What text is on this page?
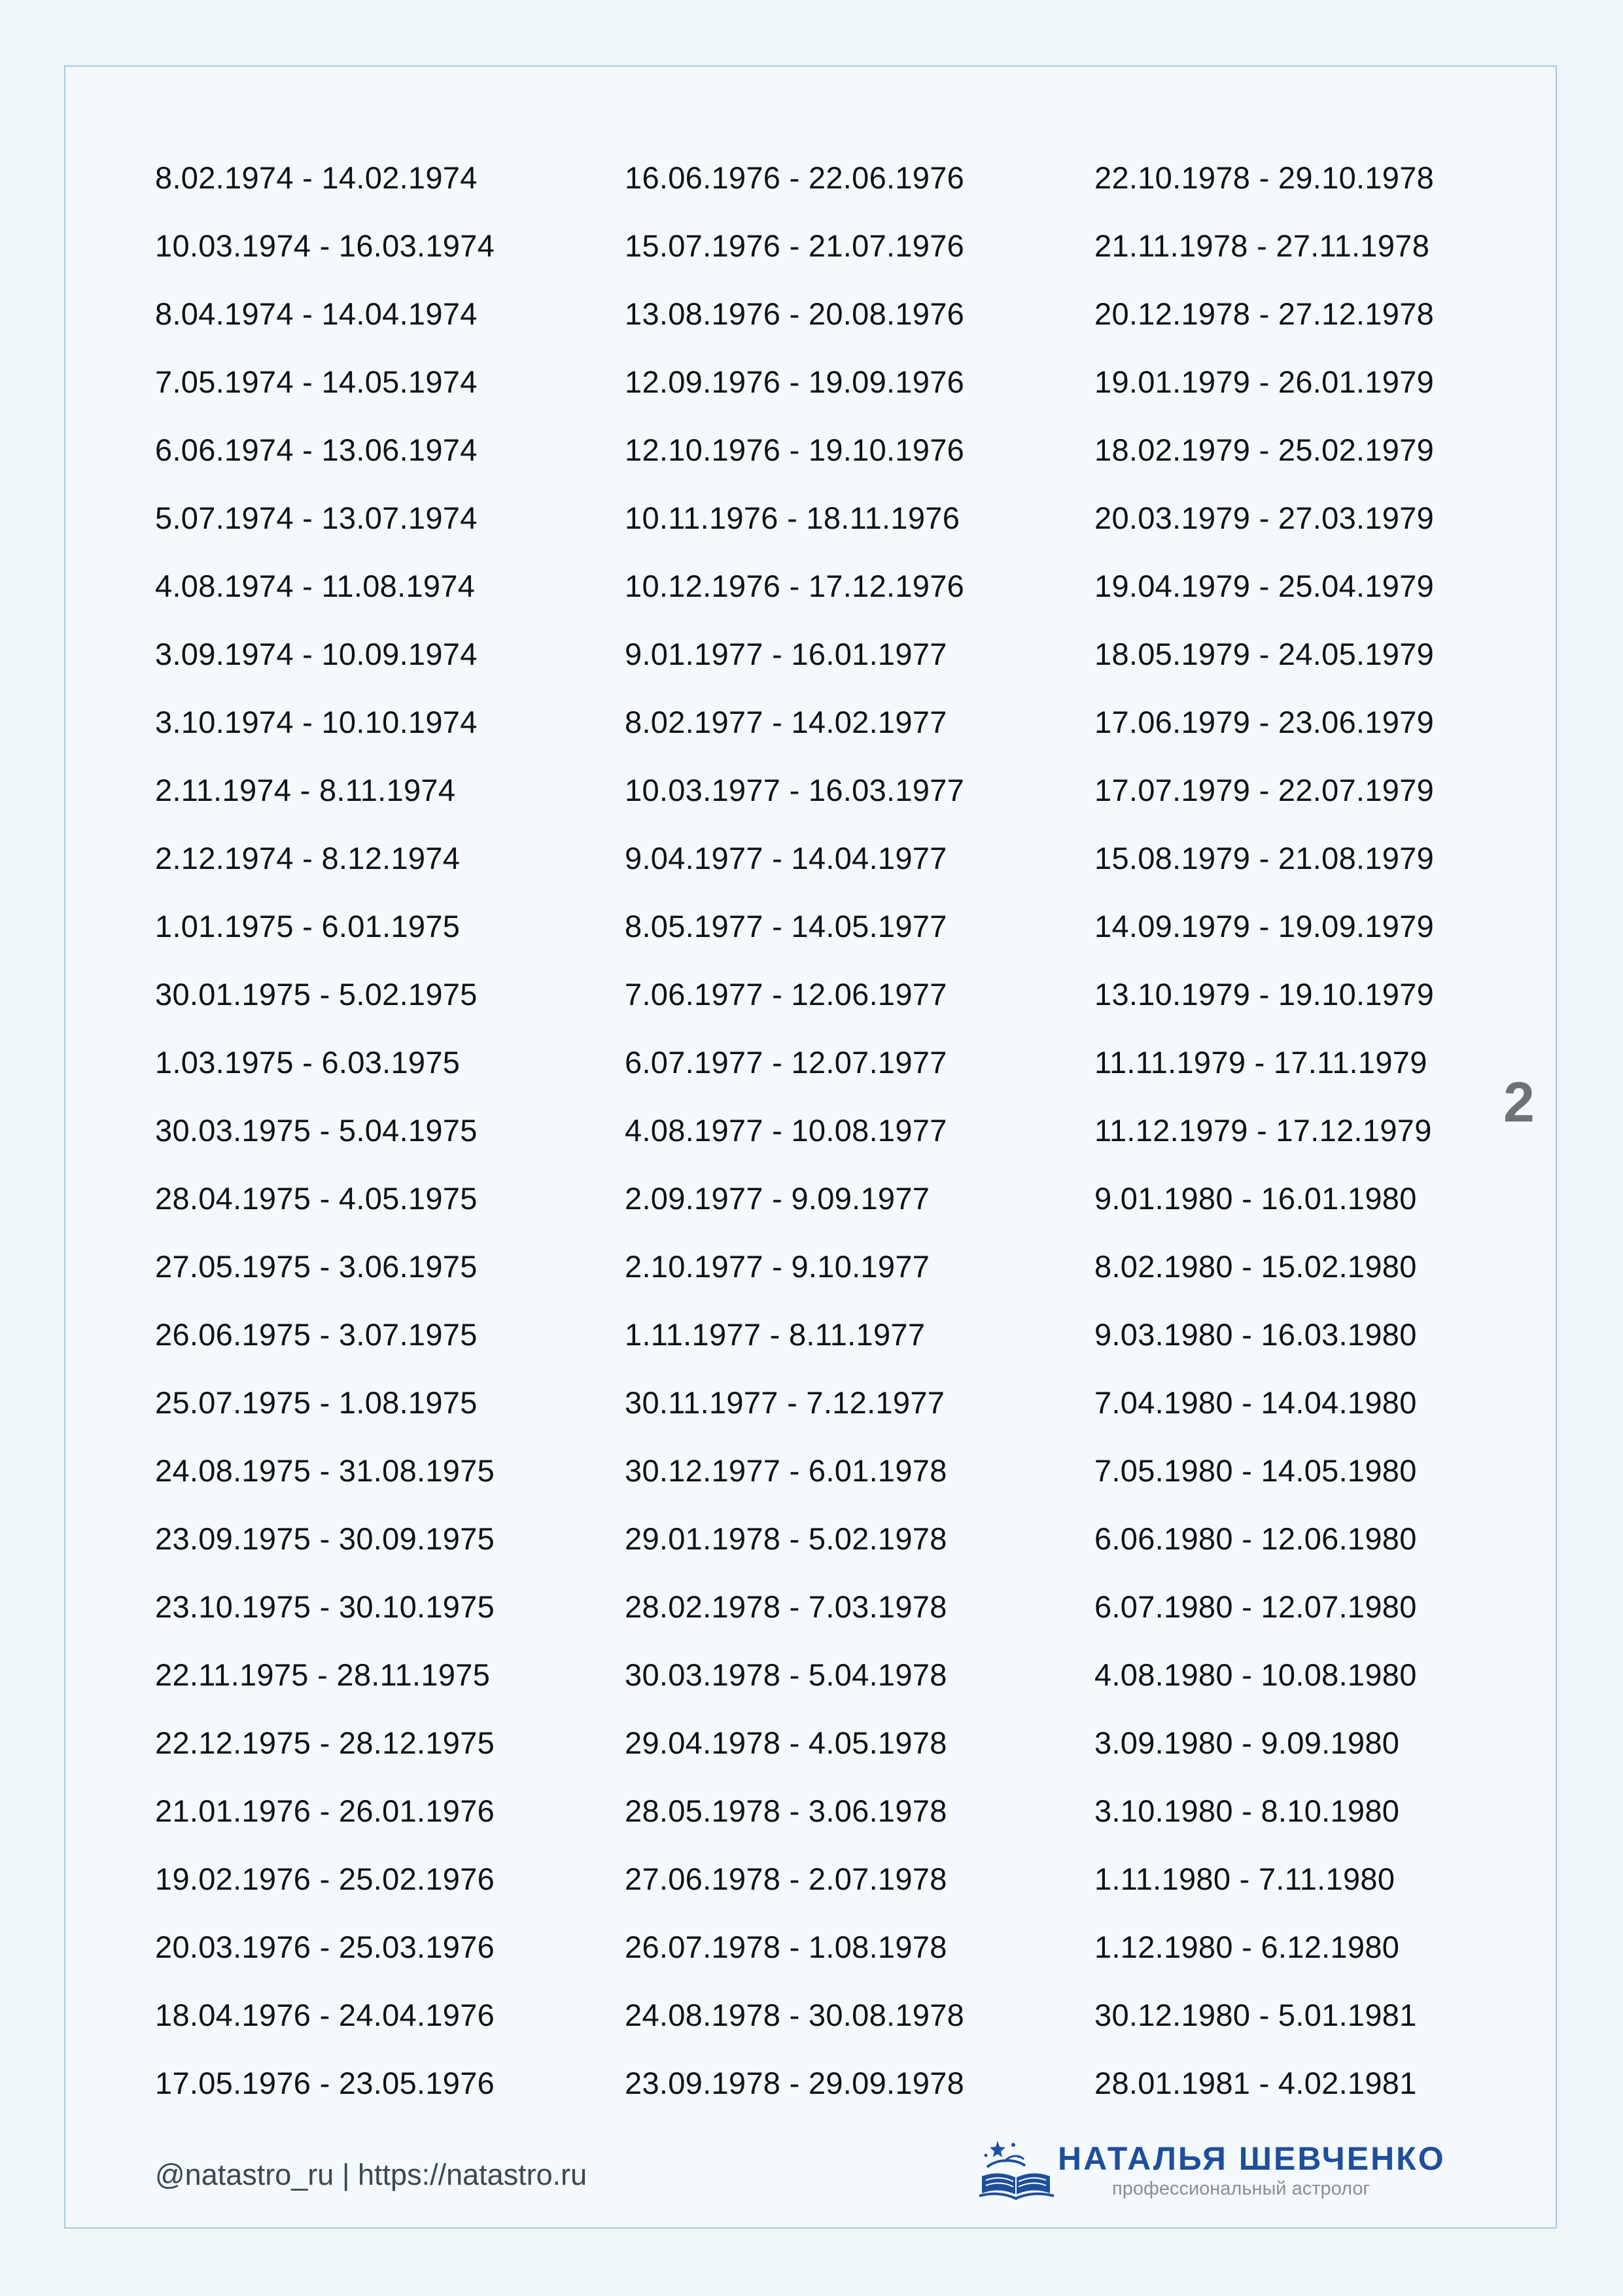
8.02.1974 - 14.02.1974
10.03.1974 - 16.03.1974
8.04.1974 - 14.04.1974
7.05.1974 - 14.05.1974
6.06.1974 - 13.06.1974
5.07.1974 - 13.07.1974
4.08.1974 - 11.08.1974
3.09.1974 - 10.09.1974
3.10.1974 - 10.10.1974
2.11.1974 - 8.11.1974
2.12.1974 - 8.12.1974
1.01.1975 - 6.01.1975
30.01.1975 - 5.02.1975
1.03.1975 - 6.03.1975
30.03.1975 - 5.04.1975
28.04.1975 - 4.05.1975
27.05.1975 - 3.06.1975
26.06.1975 - 3.07.1975
25.07.1975 - 1.08.1975
24.08.1975 - 31.08.1975
23.09.1975 - 30.09.1975
23.10.1975 - 30.10.1975
22.11.1975 - 28.11.1975
22.12.1975 - 28.12.1975
21.01.1976 - 26.01.1976
19.02.1976 - 25.02.1976
20.03.1976 - 25.03.1976
18.04.1976 - 24.04.1976
17.05.1976 - 23.05.1976
16.06.1976 - 22.06.1976
15.07.1976 - 21.07.1976
13.08.1976 - 20.08.1976
12.09.1976 - 19.09.1976
12.10.1976 - 19.10.1976
10.11.1976 - 18.11.1976
10.12.1976 - 17.12.1976
9.01.1977 - 16.01.1977
8.02.1977 - 14.02.1977
10.03.1977 - 16.03.1977
9.04.1977 - 14.04.1977
8.05.1977 - 14.05.1977
7.06.1977 - 12.06.1977
6.07.1977 - 12.07.1977
4.08.1977 - 10.08.1977
2.09.1977 - 9.09.1977
2.10.1977 - 9.10.1977
1.11.1977 - 8.11.1977
30.11.1977 - 7.12.1977
30.12.1977 - 6.01.1978
29.01.1978 - 5.02.1978
28.02.1978 - 7.03.1978
30.03.1978 - 5.04.1978
29.04.1978 - 4.05.1978
28.05.1978 - 3.06.1978
27.06.1978 - 2.07.1978
26.07.1978 - 1.08.1978
24.08.1978 - 30.08.1978
23.09.1978 - 29.09.1978
22.10.1978 - 29.10.1978
21.11.1978 - 27.11.1978
20.12.1978 - 27.12.1978
19.01.1979 - 26.01.1979
18.02.1979 - 25.02.1979
20.03.1979 - 27.03.1979
19.04.1979 - 25.04.1979
18.05.1979 - 24.05.1979
17.06.1979 - 23.06.1979
17.07.1979 - 22.07.1979
15.08.1979 - 21.08.1979
14.09.1979 - 19.09.1979
13.10.1979 - 19.10.1979
11.11.1979 - 17.11.1979
11.12.1979 - 17.12.1979
9.01.1980 - 16.01.1980
8.02.1980 - 15.02.1980
9.03.1980 - 16.03.1980
7.04.1980 - 14.04.1980
7.05.1980 - 14.05.1980
6.06.1980 - 12.06.1980
6.07.1980 - 12.07.1980
4.08.1980 - 10.08.1980
3.09.1980 - 9.09.1980
3.10.1980 - 8.10.1980
1.11.1980 - 7.11.1980
1.12.1980 - 6.12.1980
30.12.1980 - 5.01.1981
28.01.1981 - 4.02.1981
2
@natastro_ru | https://natastro.ru	НАТАЛЬЯ ШЕВЧЕНКО
профессиональный астролог
